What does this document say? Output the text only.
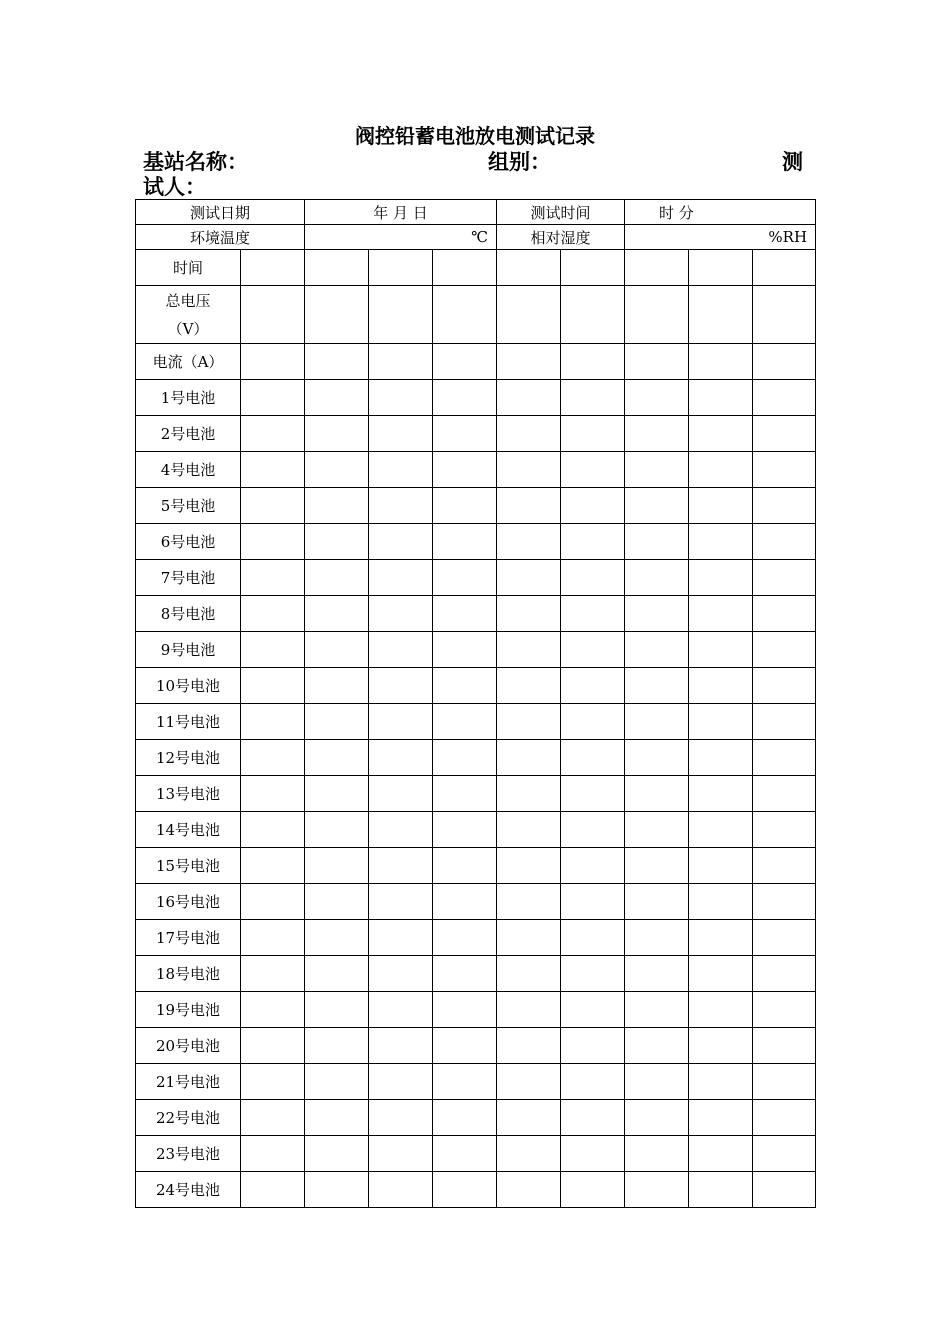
阀控铅蓄电池放电测试记录
基站名称：	组别：	测
试人：
测试日期		年 月 日			测试时间		时 分		
环境温度		℃			相对湿度		%RH		
时间									

总电压
（V）									

电流（A）									
1号电池									
2号电池									
4号电池									
5号电池									
6号电池									
7号电池									
8号电池									
9号电池									
10号电池									
11号电池									
12号电池									
13号电池									
14号电池									
15号电池									
16号电池									
17号电池									
18号电池									
19号电池									
20号电池									
21号电池									
22号电池									
23号电池									
24号电池									
